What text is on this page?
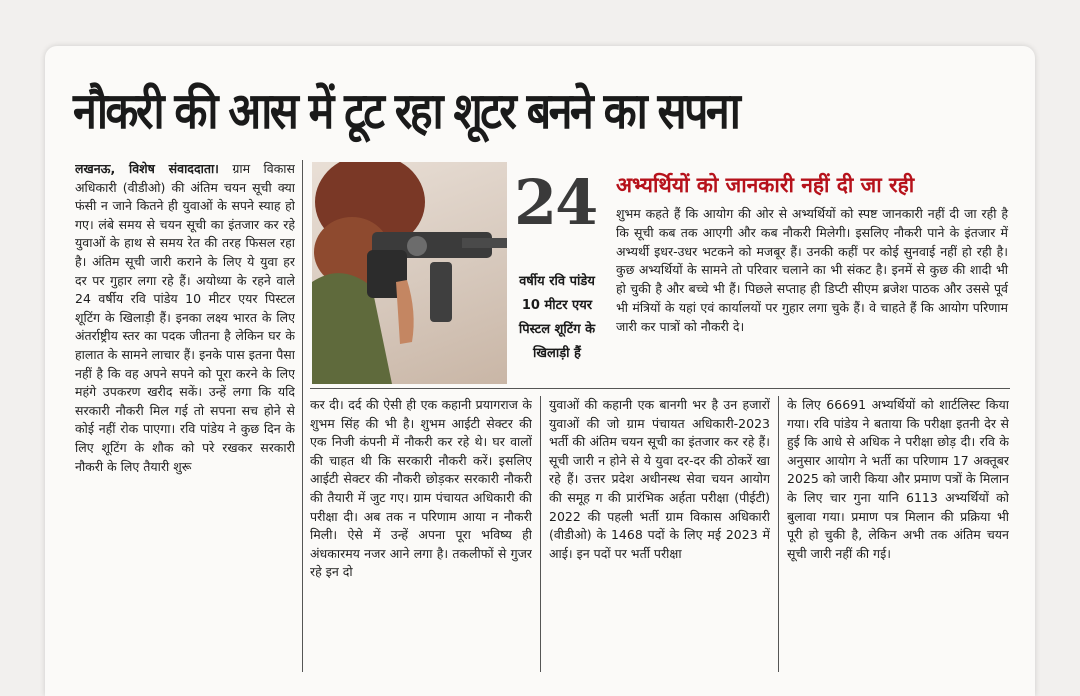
नौकरी की आस में टूट रहा शूटर बनने का सपना

लखनऊ, विशेष संवाददाता। ग्राम विकास अधिकारी (वीडीओ) की अंतिम चयन सूची क्या फंसी न जाने कितने ही युवाओं के सपने स्याह हो गए। लंबे समय से चयन सूची का इंतजार कर रहे युवाओं के हाथ से समय रेत की तरह फिसल रहा है। अंतिम सूची जारी कराने के लिए ये युवा हर दर पर गुहार लगा रहे हैं। अयोध्या के रहने वाले 24 वर्षीय रवि पांडेय 10 मीटर एयर पिस्टल शूटिंग के खिलाड़ी हैं। इनका लक्ष्य भारत के लिए अंतर्राष्ट्रीय स्तर का पदक जीतना है लेकिन घर के हालात के सामने लाचार हैं। इनके पास इतना पैसा नहीं है कि वह अपने सपने को पूरा करने के लिए महंगे उपकरण खरीद सकें। उन्हें लगा कि यदि सरकारी नौकरी मिल गई तो सपना सच होने से कोई नहीं रोक पाएगा। रवि पांडेय ने कुछ दिन के लिए शूटिंग के शौक को परे रखकर सरकारी नौकरी के लिए तैयारी शुरू

24

वर्षीय रवि पांडेय 10 मीटर एयर पिस्टल शूटिंग के खिलाड़ी हैं

अभ्यर्थियों को जानकारी नहीं दी जा रही

शुभम कहते हैं कि आयोग की ओर से अभ्यर्थियों को स्पष्ट जानकारी नहीं दी जा रही है कि सूची कब तक आएगी और कब नौकरी मिलेगी। इसलिए नौकरी पाने के इंतजार में अभ्यर्थी इधर-उधर भटकने को मजबूर हैं। उनकी कहीं पर कोई सुनवाई नहीं हो रही है। कुछ अभ्यर्थियों के सामने तो परिवार चलाने का भी संकट है। इनमें से कुछ की शादी भी हो चुकी है और बच्चे भी हैं। पिछले सप्ताह ही डिप्टी सीएम ब्रजेश पाठक और उससे पूर्व भी मंत्रियों के यहां एवं कार्यालयों पर गुहार लगा चुके हैं। वे चाहते हैं कि आयोग परिणाम जारी कर पात्रों को नौकरी दे।

कर दी। दर्द की ऐसी ही एक कहानी प्रयागराज के शुभम सिंह की भी है। शुभम आईटी सेक्टर की एक निजी कंपनी में नौकरी कर रहे थे। घर वालों की चाहत थी कि सरकारी नौकरी करें। इसलिए आईटी सेक्टर की नौकरी छोड़कर सरकारी नौकरी की तैयारी में जुट गए। ग्राम पंचायत अधिकारी की परीक्षा दी। अब तक न परिणाम आया न नौकरी मिली। ऐसे में उन्हें अपना पूरा भविष्य ही अंधकारमय नजर आने लगा है। तकलीफों से गुजर रहे इन दो

युवाओं की कहानी एक बानगी भर है उन हजारों युवाओं की जो ग्राम पंचायत अधिकारी-2023 भर्ती की अंतिम चयन सूची का इंतजार कर रहे हैं। सूची जारी न होने से ये युवा दर-दर की ठोकरें खा रहे हैं। उत्तर प्रदेश अधीनस्थ सेवा चयन आयोग की समूह ग की प्रारंभिक अर्हता परीक्षा (पीईटी) 2022 की पहली भर्ती ग्राम विकास अधिकारी (वीडीओ) के 1468 पदों के लिए मई 2023 में आई। इन पदों पर भर्ती परीक्षा

के लिए 66691 अभ्यर्थियों को शार्टलिस्ट किया गया। रवि पांडेय ने बताया कि परीक्षा इतनी देर से हुई कि आधे से अधिक ने परीक्षा छोड़ दी। रवि के अनुसार आयोग ने भर्ती का परिणाम 17 अक्तूबर 2025 को जारी किया और प्रमाण पत्रों के मिलान के लिए चार गुना यानि 6113 अभ्यर्थियों को बुलावा गया। प्रमाण पत्र मिलान की प्रक्रिया भी पूरी हो चुकी है, लेकिन अभी तक अंतिम चयन सूची जारी नहीं की गई।
